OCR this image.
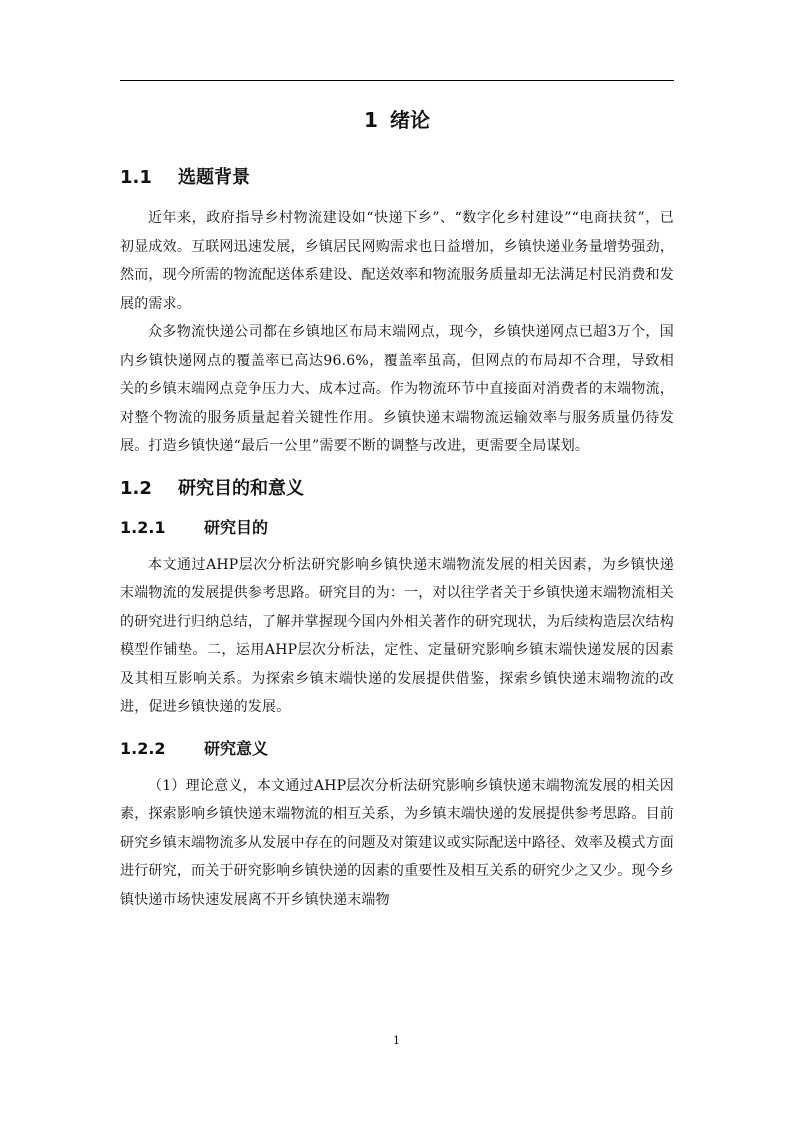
1 绪论
1.1 选题背景

近年来，政府指导乡村物流建设如“快递下乡”、“数字化乡村建设”“电商扶贫”，已初显成效。互联网迅速发展，乡镇居民网购需求也日益增加，乡镇快递业务量增势强劲，然而，现今所需的物流配送体系建设、配送效率和物流服务质量却无法满足村民消费和发展的需求。

众多物流快递公司都在乡镇地区布局末端网点，现今，乡镇快递网点已超3万个，国内乡镇快递网点的覆盖率已高达96.6%，覆盖率虽高，但网点的布局却不合理，导致相关的乡镇末端网点竞争压力大、成本过高。作为物流环节中直接面对消费者的末端物流，对整个物流的服务质量起着关键性作用。乡镇快递末端物流运输效率与服务质量仍待发展。打造乡镇快递“最后一公里”需要不断的调整与改进，更需要全局谋划。

1.2 研究目的和意义
1.2.1 研究目的

本文通过AHP层次分析法研究影响乡镇快递末端物流发展的相关因素，为乡镇快递末端物流的发展提供参考思路。研究目的为：一，对以往学者关于乡镇快递末端物流相关的研究进行归纳总结，了解并掌握现今国内外相关著作的研究现状，为后续构造层次结构模型作铺垫。二，运用AHP层次分析法，定性、定量研究影响乡镇末端快递发展的因素及其相互影响关系。为探索乡镇末端快递的发展提供借鉴，探索乡镇快递末端物流的改进，促进乡镇快递的发展。

1.2.2 研究意义

（1）理论意义，本文通过AHP层次分析法研究影响乡镇快递末端物流发展的相关因素，探索影响乡镇快递末端物流的相互关系，为乡镇末端快递的发展提供参考思路。目前研究乡镇末端物流多从发展中存在的问题及对策建议或实际配送中路径、效率及模式方面进行研究，而关于研究影响乡镇快递的因素的重要性及相互关系的研究少之又少。现今乡镇快递市场快速发展离不开乡镇快递末端物

1
